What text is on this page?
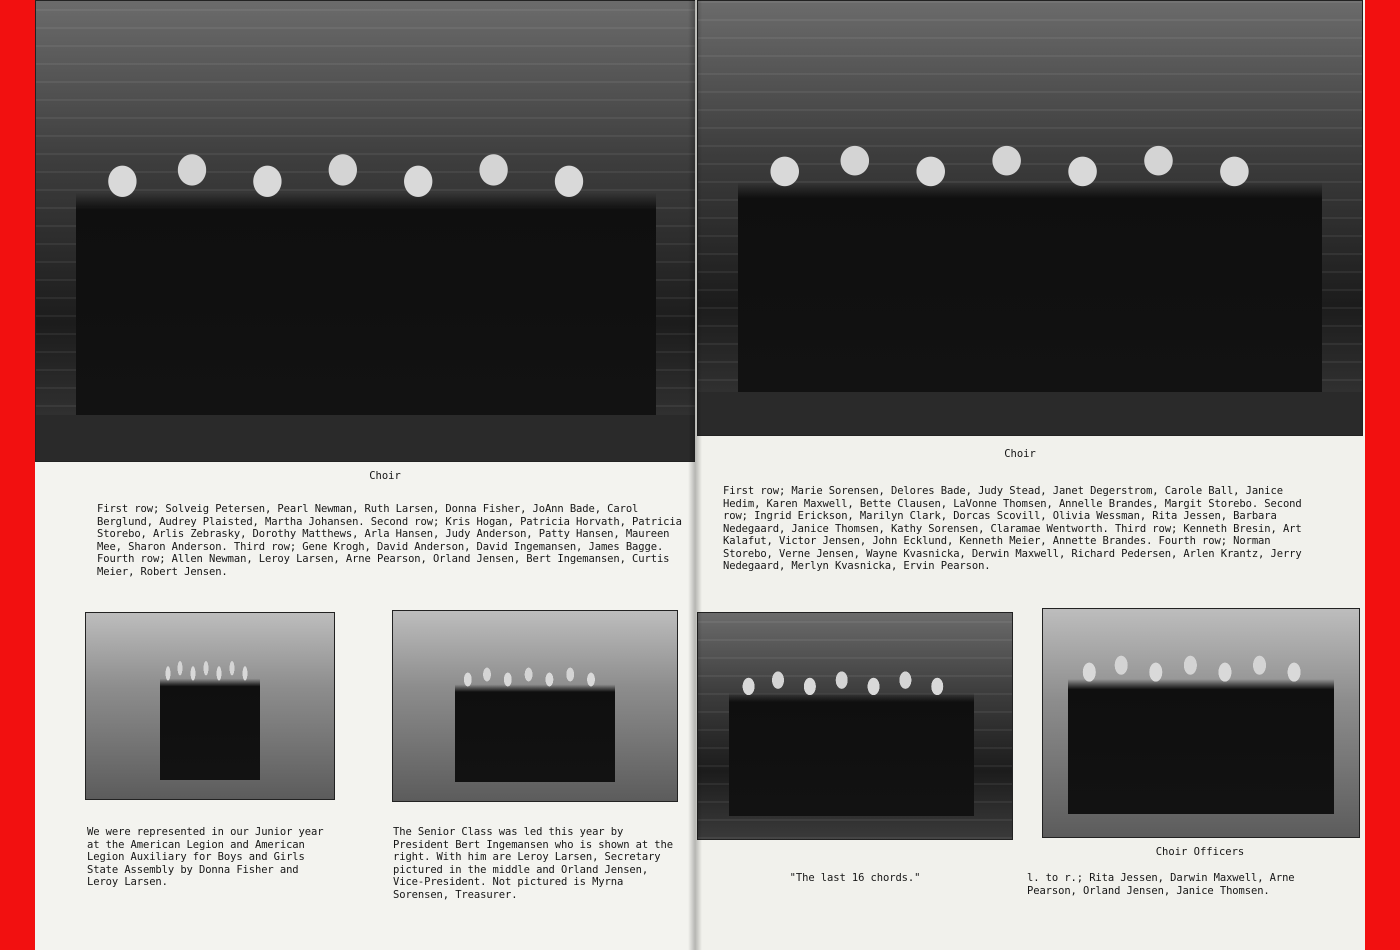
Choir
First row; Solveig Petersen, Pearl Newman, Ruth Larsen, Donna Fisher, JoAnn Bade, Carol Berglund, Audrey Plaisted, Martha Johansen. Second row; Kris Hogan, Patricia Horvath, Patricia Storebo, Arlis Zebrasky, Dorothy Matthews, Arla Hansen, Judy Anderson, Patty Hansen, Maureen Mee, Sharon Anderson. Third row; Gene Krogh, David Anderson, David Ingemansen, James Bagge. Fourth row; Allen Newman, Leroy Larsen, Arne Pearson, Orland Jensen, Bert Ingemansen, Curtis Meier, Robert Jensen.
We were represented in our Junior year at the American Legion and American Legion Auxiliary for Boys and Girls State Assembly by Donna Fisher and Leroy Larsen.
The Senior Class was led this year by President Bert Ingemansen who is shown at the right. With him are Leroy Larsen, Secretary pictured in the middle and Orland Jensen, Vice-President. Not pictured is Myrna Sorensen, Treasurer.
Choir
First row; Marie Sorensen, Delores Bade, Judy Stead, Janet Degerstrom, Carole Ball, Janice Hedim, Karen Maxwell, Bette Clausen, LaVonne Thomsen, Annelle Brandes, Margit Storebo. Second row; Ingrid Erickson, Marilyn Clark, Dorcas Scovill, Olivia Wessman, Rita Jessen, Barbara Nedegaard, Janice Thomsen, Kathy Sorensen, Claramae Wentworth. Third row; Kenneth Bresin, Art Kalafut, Victor Jensen, John Ecklund, Kenneth Meier, Annette Brandes. Fourth row; Norman Storebo, Verne Jensen, Wayne Kvasnicka, Derwin Maxwell, Richard Pedersen, Arlen Krantz, Jerry Nedegaard, Merlyn Kvasnicka, Ervin Pearson.
"The last 16 chords."
Choir Officers
l. to r.; Rita Jessen, Darwin Maxwell, Arne Pearson, Orland Jensen, Janice Thomsen.
